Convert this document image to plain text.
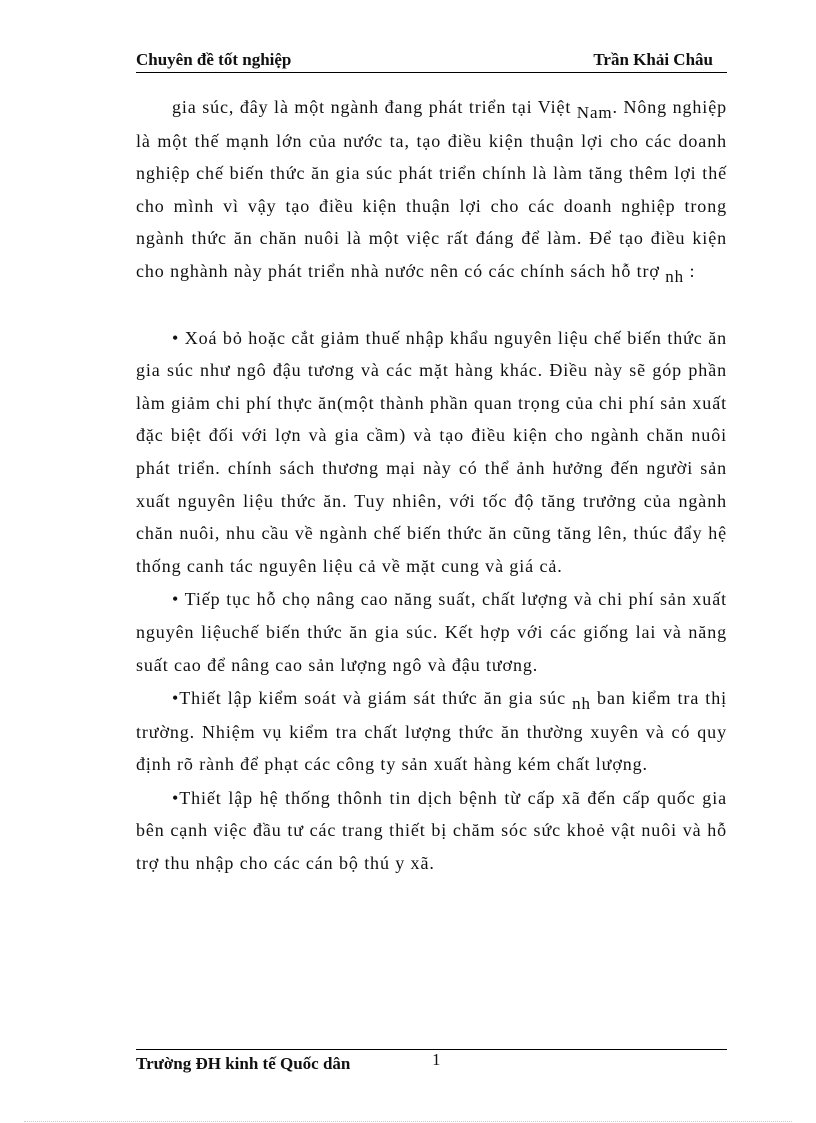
Chuyên đề tốt nghiệp	Trần Khải Châu

gia súc, đây là một ngành đang phát triển tại Việt Nam. Nông nghiệp là một thế mạnh lớn của nước ta, tạo điều kiện thuận lợi cho các doanh nghiệp chế biến thức ăn gia súc phát triển chính là làm tăng thêm lợi thế cho mình vì vậy tạo điều kiện thuận lợi cho các doanh nghiệp trong ngành thức ăn chăn nuôi là một việc rất đáng để làm. Để tạo điều kiện cho nghành này phát triển nhà nước nên có các chính sách hỗ trợ nh :

• Xoá bỏ hoặc cắt giảm thuế nhập khẩu nguyên liệu chế biến thức ăn gia súc như ngô đậu tương và các mặt hàng khác. Điều này sẽ góp phần làm giảm chi phí thực ăn(một thành phần quan trọng của chi phí sản xuất đặc biệt đối với lợn và gia cầm) và tạo điều kiện cho ngành chăn nuôi phát triển. chính sách thương mại này có thể ảnh hưởng đến người sản xuất nguyên liệu thức ăn. Tuy nhiên, với tốc độ tăng trưởng của ngành chăn nuôi, nhu cầu về ngành chế biến thức ăn cũng tăng lên, thúc đẩy hệ thống canh tác nguyên liệu cả về mặt cung và giá cả.

• Tiếp tục hỗ chọ nâng cao năng suất, chất lượng và chi phí sản xuất nguyên liệuchế biến thức ăn gia súc. Kết hợp với các giống lai và năng suất cao để nâng cao sản lượng ngô và đậu tương.

•Thiết lập kiểm soát và giám sát thức ăn gia súc nh ban kiểm tra thị trường. Nhiệm vụ kiểm tra chất lượng thức ăn thường xuyên và có quy định rõ rành để phạt các công ty sản xuất hàng kém chất lượng.

•Thiết lập hệ thống thônh tin dịch bệnh từ cấp xã đến cấp quốc gia bên cạnh việc đầu tư các trang thiết bị chăm sóc sức khoẻ vật nuôi và hỗ trợ thu nhập cho các cán bộ thú y xã.

Trường ĐH kinh tế Quốc dân	1
